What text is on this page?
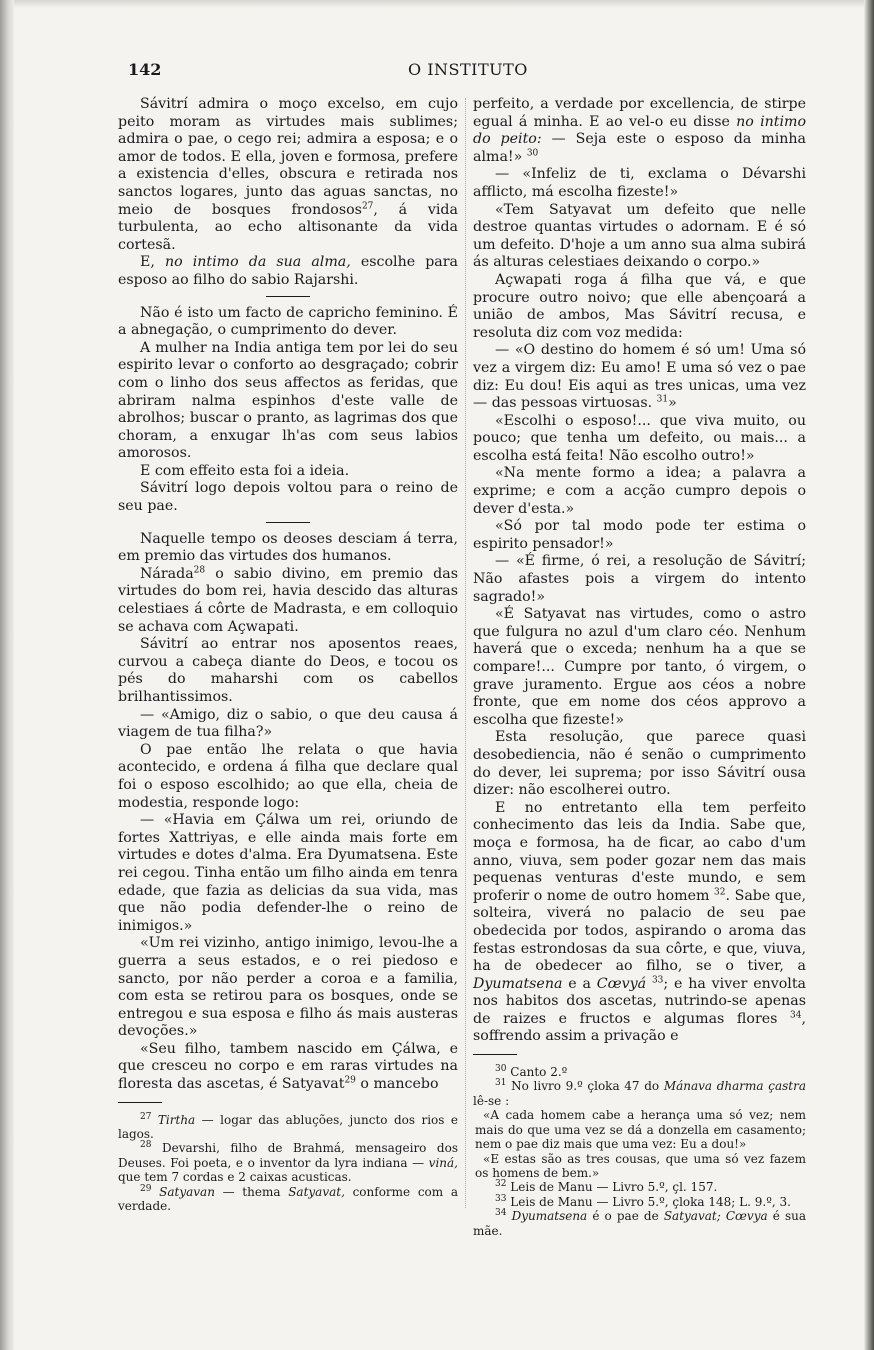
142	O INSTITUTO

Sávitrí admira o moço excelso, em cujo peito moram as virtudes mais sublimes; admira o pae, o cego rei; admira a esposa; e o amor de todos. E ella, joven e formosa, prefere a existencia d'elles, obscura e retirada nos sanctos logares, junto das aguas sanctas, no meio de bosques frondosos$^{27}$, á vida turbulenta, ao echo altisonante da vida cortesã.

E, no intimo da sua alma, escolhe para esposo ao filho do sabio Rajarshi.

Não é isto um facto de capricho feminino. É a abnegação, o cumprimento do dever.

A mulher na India antiga tem por lei do seu espirito levar o conforto ao desgraçado; cobrir com o linho dos seus affectos as feridas, que abriram nalma espinhos d'este valle de abrolhos; buscar o pranto, as lagrimas dos que choram, a enxugar lh'as com seus labios amorosos.

E com effeito esta foi a ideia.

Sávitrí logo depois voltou para o reino de seu pae.

Naquelle tempo os deoses desciam á terra, em premio das virtudes dos humanos.

Nárada$^{28}$ o sabio divino, em premio das virtudes do bom rei, havia descido das alturas celestiaes á côrte de Madrasta, e em colloquio se achava com Açwapati.

Sávitrí ao entrar nos aposentos reaes, curvou a cabeça diante do Deos, e tocou os pés do maharshi com os cabellos brilhantissimos.

— «Amigo, diz o sabio, o que deu causa á viagem de tua filha?»

O pae então lhe relata o que havia acontecido, e ordena á filha que declare qual foi o esposo escolhido; ao que ella, cheia de modestia, responde logo:

— «Havia em Çálwa um rei, oriundo de fortes Xattriyas, e elle ainda mais forte em virtudes e dotes d'alma. Era Dyumatsena. Este rei cegou. Tinha então um filho ainda em tenra edade, que fazia as delicias da sua vida, mas que não podia defender-lhe o reino de inimigos.»

«Um rei vizinho, antigo inimigo, levou-lhe a guerra a seus estados, e o rei piedoso e sancto, por não perder a coroa e a familia, com esta se retirou para os bosques, onde se entregou e sua esposa e filho ás mais austeras devoções.»

«Seu filho, tambem nascido em Çálwa, e que cresceu no corpo e em raras virtudes na floresta das ascetas, é Satyavat$^{29}$ o mancebo

$^{27}$ Tirtha — logar das abluções, juncto dos rios e lagos.

$^{28}$ Devarshi, filho de Brahmá, mensageiro dos Deuses. Foi poeta, e o inventor da lyra indiana — viná, que tem 7 cordas e 2 caixas acusticas.

$^{29}$ Satyavan — thema Satyavat, conforme com a verdade.

perfeito, a verdade por excellencia, de stirpe egual á minha. E ao vel-o eu disse no intimo do peito: — Seja este o esposo da minha alma!» $^{30}$

— «Infeliz de ti, exclama o Dévarshi afflicto, má escolha fizeste!»

«Tem Satyavat um defeito que nelle destroe quantas virtudes o adornam. E é só um defeito. D'hoje a um anno sua alma subirá ás alturas celestiaes deixando o corpo.»

Açwapati roga á filha que vá, e que procure outro noivo; que elle abençoará a união de ambos, Mas Sávitrí recusa, e resoluta diz com voz medida:

— «O destino do homem é só um! Uma só vez a virgem diz: Eu amo! E uma só vez o pae diz: Eu dou! Eis aqui as tres unicas, uma vez — das pessoas virtuosas. $^{31}$»

«Escolhi o esposo!... que viva muito, ou pouco; que tenha um defeito, ou mais... a escolha está feita! Não escolho outro!»

«Na mente formo a idea; a palavra a exprime; e com a acção cumpro depois o dever d'esta.»

«Só por tal modo pode ter estima o espirito pensador!»

— «É firme, ó rei, a resolução de Sávitrí; Não afastes pois a virgem do intento sagrado!»

«É Satyavat nas virtudes, como o astro que fulgura no azul d'um claro céo. Nenhum haverá que o exceda; nenhum ha a que se compare!... Cumpre por tanto, ó virgem, o grave juramento. Ergue aos céos a nobre fronte, que em nome dos céos approvo a escolha que fizeste!»

Esta resolução, que parece quasi desobediencia, não é senão o cumprimento do dever, lei suprema; por isso Sávitrí ousa dizer: não escolherei outro.

E no entretanto ella tem perfeito conhecimento das leis da India. Sabe que, moça e formosa, ha de ficar, ao cabo d'um anno, viuva, sem poder gozar nem das mais pequenas venturas d'este mundo, e sem proferir o nome de outro homem $^{32}$. Sabe que, solteira, viverá no palacio de seu pae obedecida por todos, aspirando o aroma das festas estrondosas da sua côrte, e que, viuva, ha de obedecer ao filho, se o tiver, a Dyumatsena e a Cœvyá $^{33}$; e ha viver envolta nos habitos dos ascetas, nutrindo-se apenas de raizes e fructos e algumas flores $^{34}$, soffrendo assim a privação e

$^{30}$ Canto 2.º

$^{31}$ No livro 9.º çloka 47 do Mánava dharma çastra lê-se :

«A cada homem cabe a herança uma só vez; nem mais do que uma vez se dá a donzella em casamento; nem o pae diz mais que uma vez: Eu a dou!»

«E estas são as tres cousas, que uma só vez fazem os homens de bem.»

$^{32}$ Leis de Manu — Livro 5.º, çl. 157.

$^{33}$ Leis de Manu — Livro 5.º, çloka 148; L. 9.º, 3.

$^{34}$ Dyumatsena é o pae de Satyavat; Cœvya é sua mãe.
